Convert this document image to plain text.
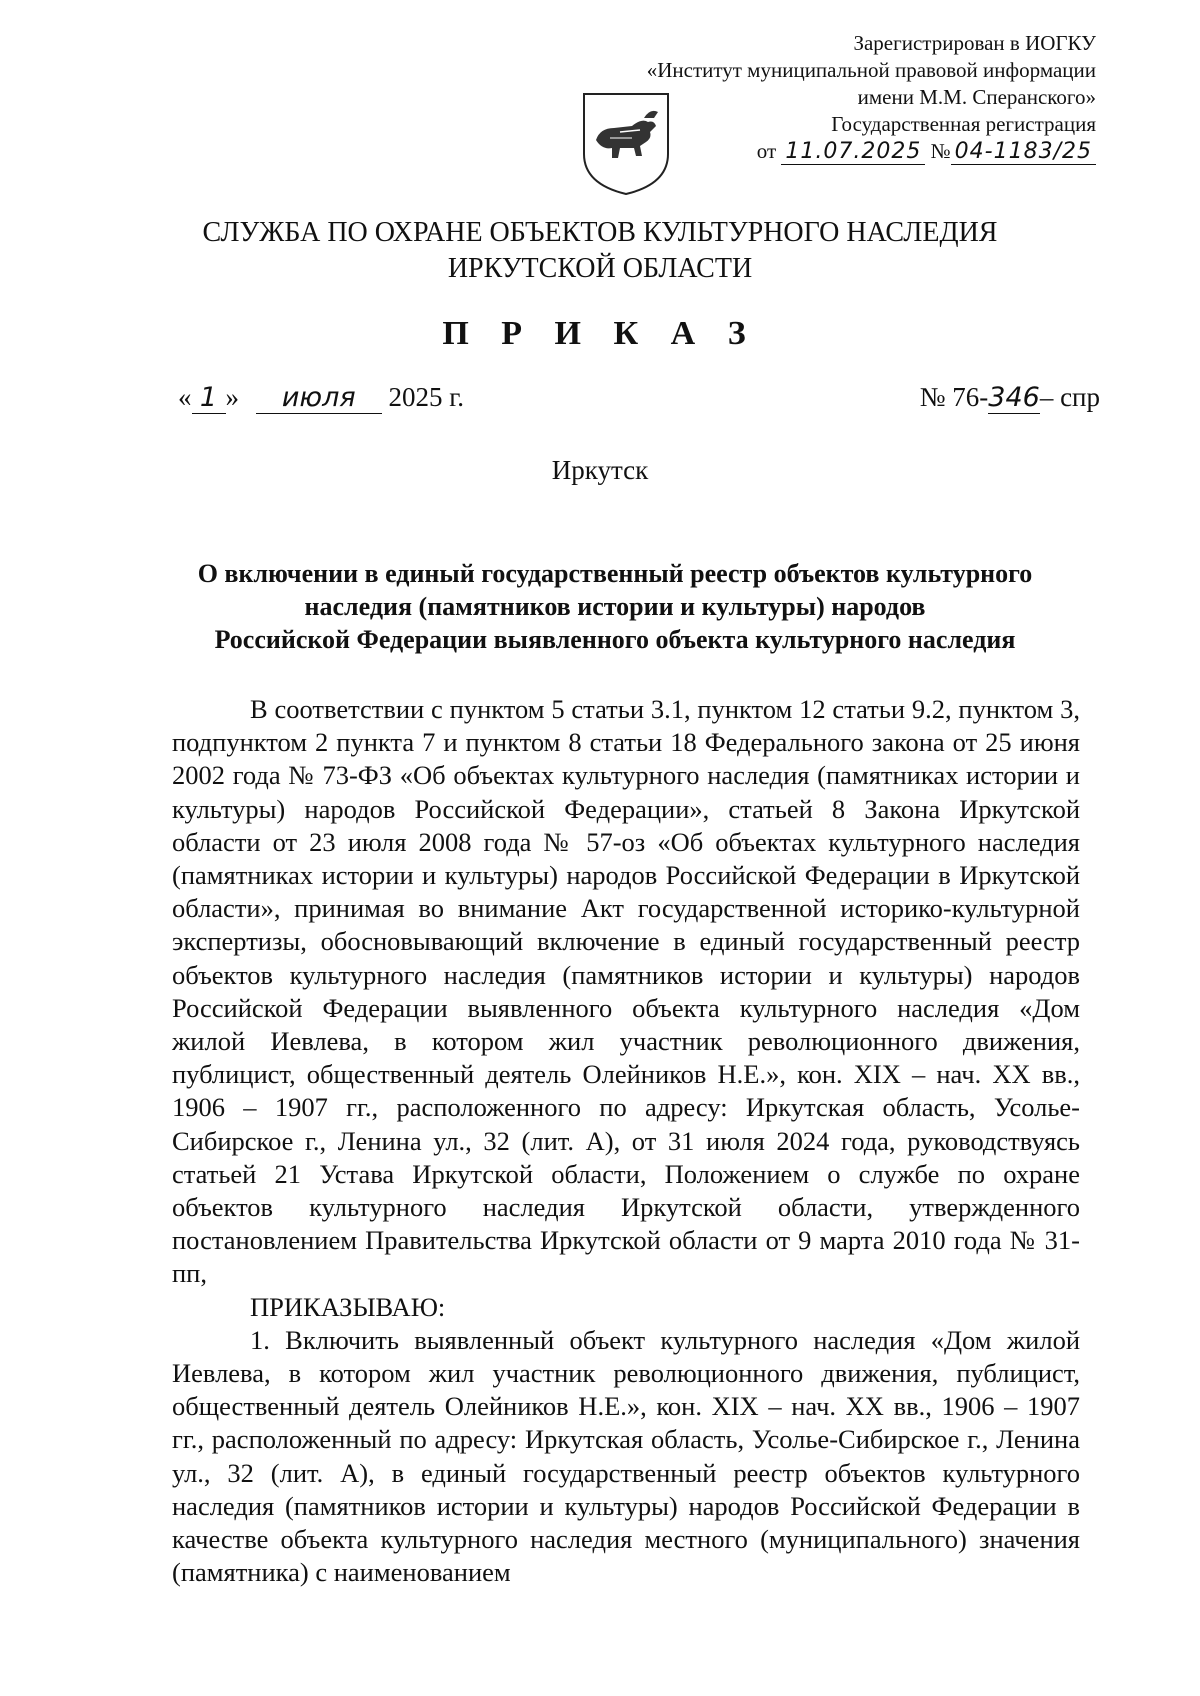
Зарегистрирован в ИОГКУ
«Институт муниципальной правовой информации
имени М.М. Сперанского»
Государственная регистрация
от 11.07.2025 № 04-1183/25
СЛУЖБА ПО ОХРАНЕ ОБЪЕКТОВ КУЛЬТУРНОГО НАСЛЕДИЯ
ИРКУТСКОЙ ОБЛАСТИ
П Р И К А З
« 1 » июля 2025 г.	№ 76-346– спр
Иркутск
О включении в единый государственный реестр объектов культурного
наследия (памятников истории и культуры) народов
Российской Федерации выявленного объекта культурного наследия

В соответствии с пунктом 5 статьи 3.1, пунктом 12 статьи 9.2, пунктом 3, подпунктом 2 пункта 7 и пунктом 8 статьи 18 Федерального закона от 25 июня 2002 года № 73-ФЗ «Об объектах культурного наследия (памятниках истории и культуры) народов Российской Федерации», статьей 8 Закона Иркутской области от 23 июля 2008 года № 57-оз «Об объектах культурного наследия (памятниках истории и культуры) народов Российской Федерации в Иркутской области», принимая во внимание Акт государственной историко-культурной экспертизы, обосновывающий включение в единый государственный реестр объектов культурного наследия (памятников истории и культуры) народов Российской Федерации выявленного объекта культурного наследия «Дом жилой Иевлева, в котором жил участник революционного движения, публицист, общественный деятель Олейников Н.Е.», кон. XIX – нач. XX вв., 1906 – 1907 гг., расположенного по адресу: Иркутская область, Усолье-Сибирское г., Ленина ул., 32 (лит. А), от 31 июля 2024 года, руководствуясь статьей 21 Устава Иркутской области, Положением о службе по охране объектов культурного наследия Иркутской области, утвержденного постановлением Правительства Иркутской области от 9 марта 2010 года № 31-пп,

ПРИКАЗЫВАЮ:

1. Включить выявленный объект культурного наследия «Дом жилой Иевлева, в котором жил участник революционного движения, публицист, общественный деятель Олейников Н.Е.», кон. XIX – нач. XX вв., 1906 – 1907 гг., расположенный по адресу: Иркутская область, Усолье-Сибирское г., Ленина ул., 32 (лит. А), в единый государственный реестр объектов культурного наследия (памятников истории и культуры) народов Российской Федерации в качестве объекта культурного наследия местного (муниципального) значения (памятника) с наименованием
